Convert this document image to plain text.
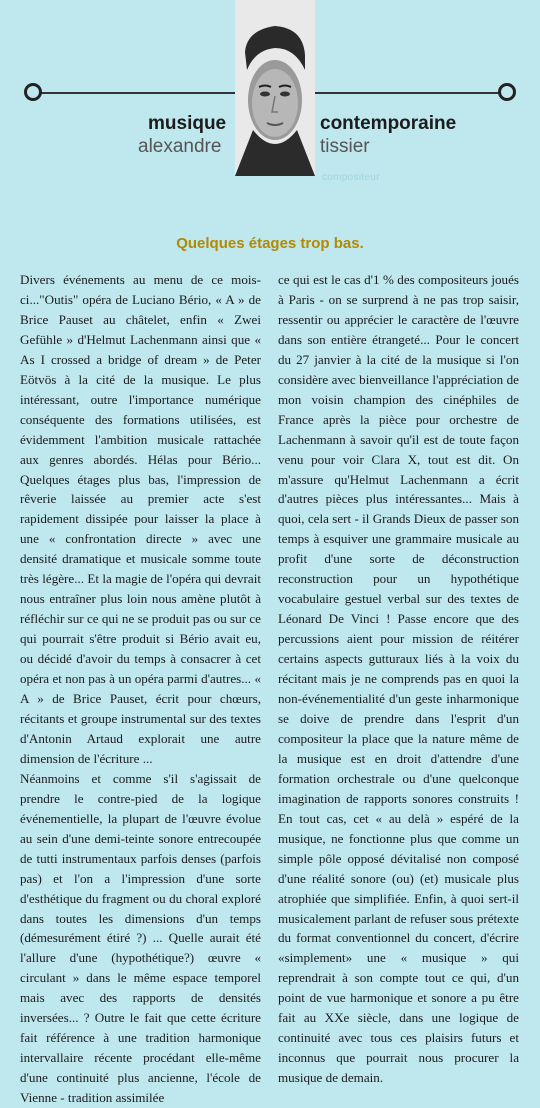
musique
alexandre
contemporaine
tissier
compositeur
Quelques étages trop bas.

Divers événements au menu de ce mois-ci..."Outis" opéra de Luciano Bério, « A » de Brice Pauset au châtelet, enfin « Zwei Gefühle » d'Helmut Lachenmann ainsi que « As I crossed a bridge of dream » de Peter Eötvös à la cité de la musique. Le plus intéressant, outre l'importance numérique conséquente des formations utilisées, est évidemment l'ambition musicale rattachée aux genres abordés. Hélas pour Bério... Quelques étages plus bas, l'impression de rêverie laissée au premier acte s'est rapidement dissipée pour laisser la place à une « confrontation directe » avec une densité dramatique et musicale somme toute très légère... Et la magie de l'opéra qui devrait nous entraîner plus loin nous amène plutôt à réfléchir sur ce qui ne se produit pas ou sur ce qui pourrait s'être produit si Bério avait eu, ou décidé d'avoir du temps à consacrer à cet opéra et non pas à un opéra parmi d'autres... « A » de Brice Pauset, écrit pour chœurs, récitants et groupe instrumental sur des textes d'Antonin Artaud explorait une autre dimension de l'écriture ...

Néanmoins et comme s'il s'agissait de prendre le contre-pied de la logique événementielle, la plupart de l'œuvre évolue au sein d'une demi-teinte sonore entrecoupée de tutti instrumentaux parfois denses (parfois pas) et l'on a l'impression d'une sorte d'esthétique du fragment ou du choral exploré dans toutes les dimensions d'un temps (démesurément étiré ?) ... Quelle aurait été l'allure d'une (hypothétique?) œuvre « circulant » dans le même espace temporel mais avec des rapports de densités inversées... ? Outre le fait que cette écriture fait référence à une tradition harmonique intervallaire récente procédant elle-même d'une continuité plus ancienne, l'école de Vienne - tradition assimilée

ce qui est le cas d'1 % des compositeurs joués à Paris - on se surprend à ne pas trop saisir, ressentir ou apprécier le caractère de l'œuvre dans son entière étrangeté... Pour le concert du 27 janvier à la cité de la musique si l'on considère avec bienveillance l'appréciation de mon voisin champion des cinéphiles de France après la pièce pour orchestre de Lachenmann à savoir qu'il est de toute façon venu pour voir Clara X, tout est dit. On m'assure qu'Helmut Lachenmann a écrit d'autres pièces plus intéressantes... Mais à quoi, cela sert - il Grands Dieux de passer son temps à esquiver une grammaire musicale au profit d'une sorte de déconstruction reconstruction pour un hypothétique vocabulaire gestuel verbal sur des textes de Léonard De Vinci ! Passe encore que des percussions aient pour mission de réitérer certains aspects gutturaux liés à la voix du récitant mais je ne comprends pas en quoi la non-événementialité d'un geste inharmonique se doive de prendre dans l'esprit d'un compositeur la place que la nature même de la musique est en droit d'attendre d'une formation orchestrale ou d'une quelconque imagination de rapports sonores construits ! En tout cas, cet « au delà » espéré de la musique, ne fonctionne plus que comme un simple pôle opposé dévitalisé non composé d'une réalité sonore (ou) (et) musicale plus atrophiée que simplifiée. Enfin, à quoi sert-il musicalement parlant de refuser sous prétexte du format conventionnel du concert, d'écrire «simplement» une « musique » qui reprendrait à son compte tout ce qui, d'un point de vue harmonique et sonore a pu être fait au XXe siècle, dans une logique de continuité avec tous ces plaisirs futurs et inconnus que pourrait nous procurer la musique de demain.
